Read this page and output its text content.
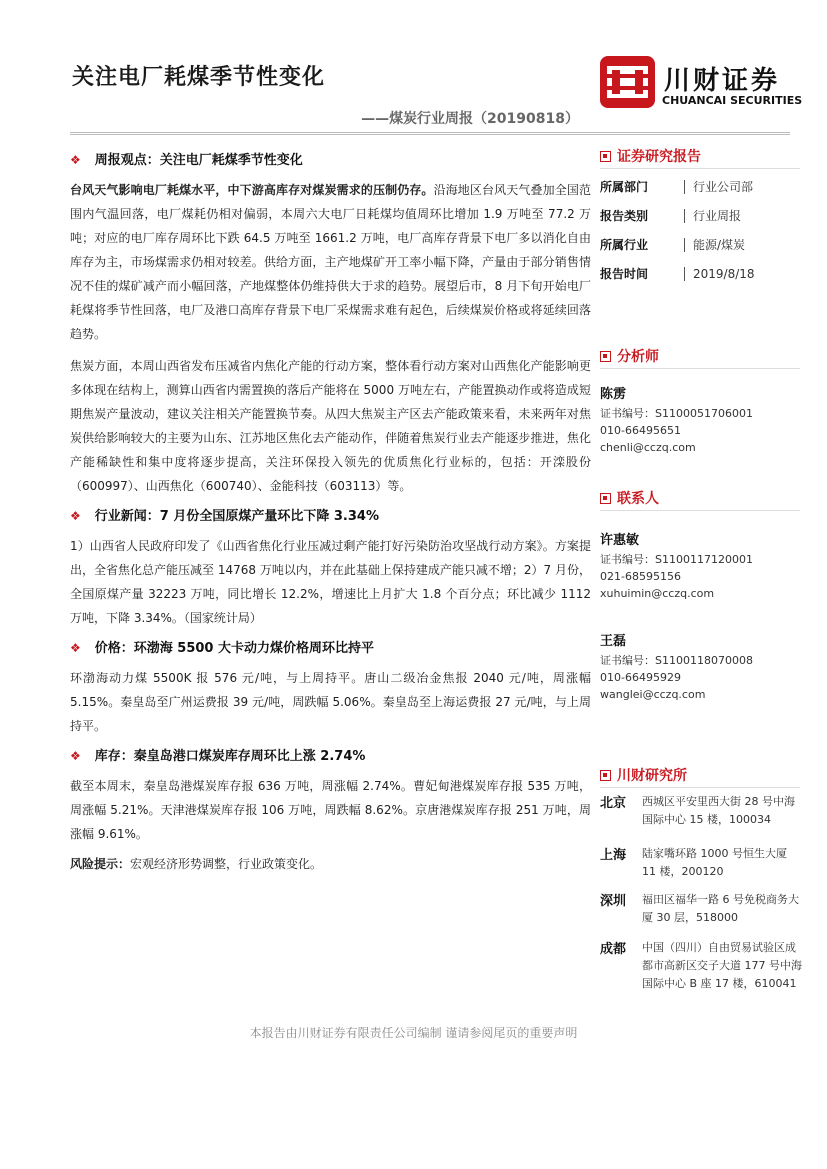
关注电厂耗煤季节性变化
——煤炭行业周报（20190818）
川财证券
CHUANCAI SECURITIES
❖ 周报观点：关注电厂耗煤季节性变化

台风天气影响电厂耗煤水平，中下游高库存对煤炭需求的压制仍存。沿海地区台风天气叠加全国范围内气温回落，电厂煤耗仍相对偏弱，本周六大电厂日耗煤均值周环比增加 1.9 万吨至 77.2 万吨；对应的电厂库存周环比下跌 64.5 万吨至 1661.2 万吨，电厂高库存背景下电厂多以消化自由库存为主，市场煤需求仍相对较差。供给方面，主产地煤矿开工率小幅下降，产量由于部分销售情况不佳的煤矿减产而小幅回落，产地煤整体仍维持供大于求的趋势。展望后市，8 月下旬开始电厂耗煤将季节性回落，电厂及港口高库存背景下电厂采煤需求难有起色，后续煤炭价格或将延续回落趋势。

焦炭方面，本周山西省发布压减省内焦化产能的行动方案，整体看行动方案对山西焦化产能影响更多体现在结构上，测算山西省内需置换的落后产能将在 5000 万吨左右，产能置换动作或将造成短期焦炭产量波动，建议关注相关产能置换节奏。从四大焦炭主产区去产能政策来看，未来两年对焦炭供给影响较大的主要为山东、江苏地区焦化去产能动作，伴随着焦炭行业去产能逐步推进，焦化产能稀缺性和集中度将逐步提高，关注环保投入领先的优质焦化行业标的，包括：开滦股份（600997）、山西焦化（600740）、金能科技（603113）等。

❖ 行业新闻：7 月份全国原煤产量环比下降 3.34%

1）山西省人民政府印发了《山西省焦化行业压减过剩产能打好污染防治攻坚战行动方案》。方案提出，全省焦化总产能压减至 14768 万吨以内，并在此基础上保持建成产能只减不增；2）7 月份，全国原煤产量 32223 万吨，同比增长 12.2%，增速比上月扩大 1.8 个百分点；环比减少 1112 万吨，下降 3.34%。（国家统计局）

❖ 价格：环渤海 5500 大卡动力煤价格周环比持平

环渤海动力煤 5500K 报 576 元/吨，与上周持平。唐山二级冶金焦报 2040 元/吨，周涨幅 5.15%。秦皇岛至广州运费报 39 元/吨，周跌幅 5.06%。秦皇岛至上海运费报 27 元/吨，与上周持平。

❖ 库存：秦皇岛港口煤炭库存周环比上涨 2.74%

截至本周末，秦皇岛港煤炭库存报 636 万吨，周涨幅 2.74%。曹妃甸港煤炭库存报 535 万吨，周涨幅 5.21%。天津港煤炭库存报 106 万吨，周跌幅 8.62%。京唐港煤炭库存报 251 万吨，周涨幅 9.61%。

风险提示：宏观经济形势调整，行业政策变化。

证券研究报告
所属部门	行业公司部
报告类别	行业周报
所属行业	能源/煤炭
报告时间	2019/8/18
分析师
陈雳
证书编号：S1100051706001
010-66495651
chenli@cczq.com
联系人
许惠敏
证书编号：S1100117120001
021-68595156
xuhuimin@cczq.com
王磊
证书编号：S1100118070008
010-66495929
wanglei@cczq.com
川财研究所
北京 西城区平安里西大街 28 号中海国际中心 15 楼，100034
上海 陆家嘴环路 1000 号恒生大厦 11 楼，200120
深圳 福田区福华一路 6 号免税商务大厦 30 层，518000
成都 中国（四川）自由贸易试验区成都市高新区交子大道 177 号中海国际中心 B 座 17 楼，610041
本报告由川财证券有限责任公司编制 谨请参阅尾页的重要声明
